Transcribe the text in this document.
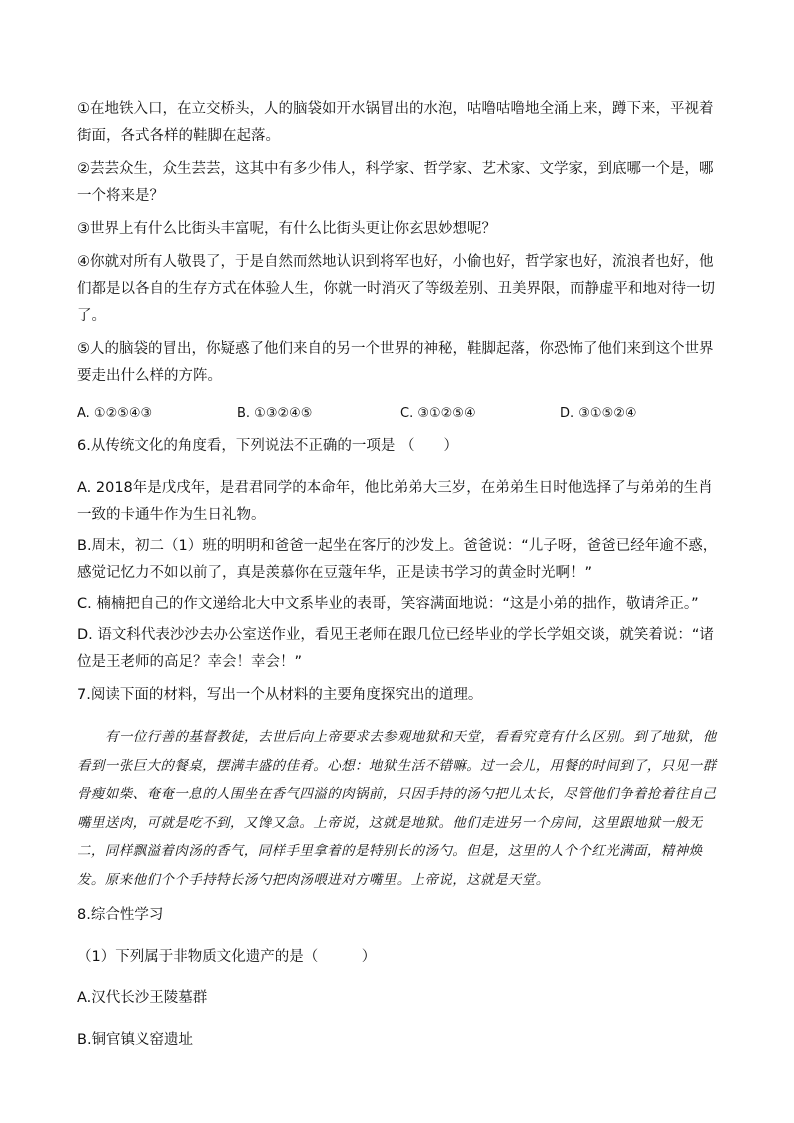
①在地铁入口，在立交桥头，人的脑袋如开水锅冒出的水泡，咕噜咕噜地全涌上来，蹲下来，平视着街面，各式各样的鞋脚在起落。

②芸芸众生，众生芸芸，这其中有多少伟人，科学家、哲学家、艺术家、文学家，到底哪一个是，哪一个将来是？

③世界上有什么比街头丰富呢，有什么比街头更让你玄思妙想呢？

④你就对所有人敬畏了，于是自然而然地认识到将军也好，小偷也好，哲学家也好，流浪者也好，他们都是以各自的生存方式在体验人生，你就一时消灭了等级差别、丑美界限，而静虚平和地对待一切了。

⑤人的脑袋的冒出，你疑惑了他们来自的另一个世界的神秘，鞋脚起落，你恐怖了他们来到这个世界要走出什么样的方阵。

A. ①②⑤④③	B. ①③②④⑤	C. ③①②⑤④	D. ③①⑤②④

6.从传统文化的角度看，下列说法不正确的一项是 （　　）

A. 2018年是戊戌年，是君君同学的本命年，他比弟弟大三岁，在弟弟生日时他选择了与弟弟的生肖一致的卡通牛作为生日礼物。

B.周末，初二（1）班的明明和爸爸一起坐在客厅的沙发上。爸爸说：“儿子呀，爸爸已经年逾不惑，感觉记忆力不如以前了，真是羡慕你在豆蔻年华，正是读书学习的黄金时光啊！”

C. 楠楠把自己的作文递给北大中文系毕业的表哥，笑容满面地说：“这是小弟的拙作，敬请斧正。”

D. 语文科代表沙沙去办公室送作业，看见王老师在跟几位已经毕业的学长学姐交谈，就笑着说：“诸位是王老师的高足？幸会！幸会！”

7.阅读下面的材料，写出一个从材料的主要角度探究出的道理。

有一位行善的基督教徒，去世后向上帝要求去参观地狱和天堂，看看究竟有什么区别。到了地狱，他看到一张巨大的餐桌，摆满丰盛的佳肴。心想：地狱生活不错嘛。过一会儿，用餐的时间到了，只见一群骨瘦如柴、奄奄一息的人围坐在香气四溢的肉锅前，只因手持的汤勺把儿太长，尽管他们争着抢着往自己嘴里送肉，可就是吃不到，又馋又急。上帝说，这就是地狱。他们走进另一个房间，这里跟地狱一般无二，同样飘溢着肉汤的香气，同样手里拿着的是特别长的汤勺。但是，这里的人个个红光满面，精神焕发。原来他们个个手持特长汤勺把肉汤喂进对方嘴里。上帝说，这就是天堂。

8.综合性学习

（1）下列属于非物质文化遗产的是（　　　）

A.汉代长沙王陵墓群

B.铜官镇义窑遗址
